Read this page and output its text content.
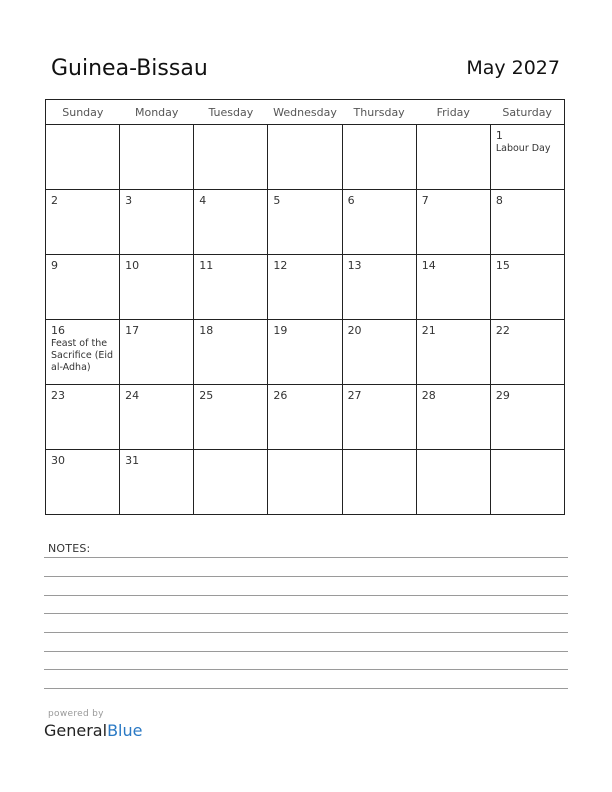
Guinea-Bissau	May 2027
Sunday	Monday	Tuesday	Wednesday	Thursday	Friday	Saturday

						1
Labour Day

2	3	4	5	6	7	8

9	10	11	12	13	14	15

16
Feast of the Sacrifice (Eid al-Adha)	17	18	19	20	21	22

23	24	25	26	27	28	29

30	31					

NOTES:
powered by
GeneralBlue
